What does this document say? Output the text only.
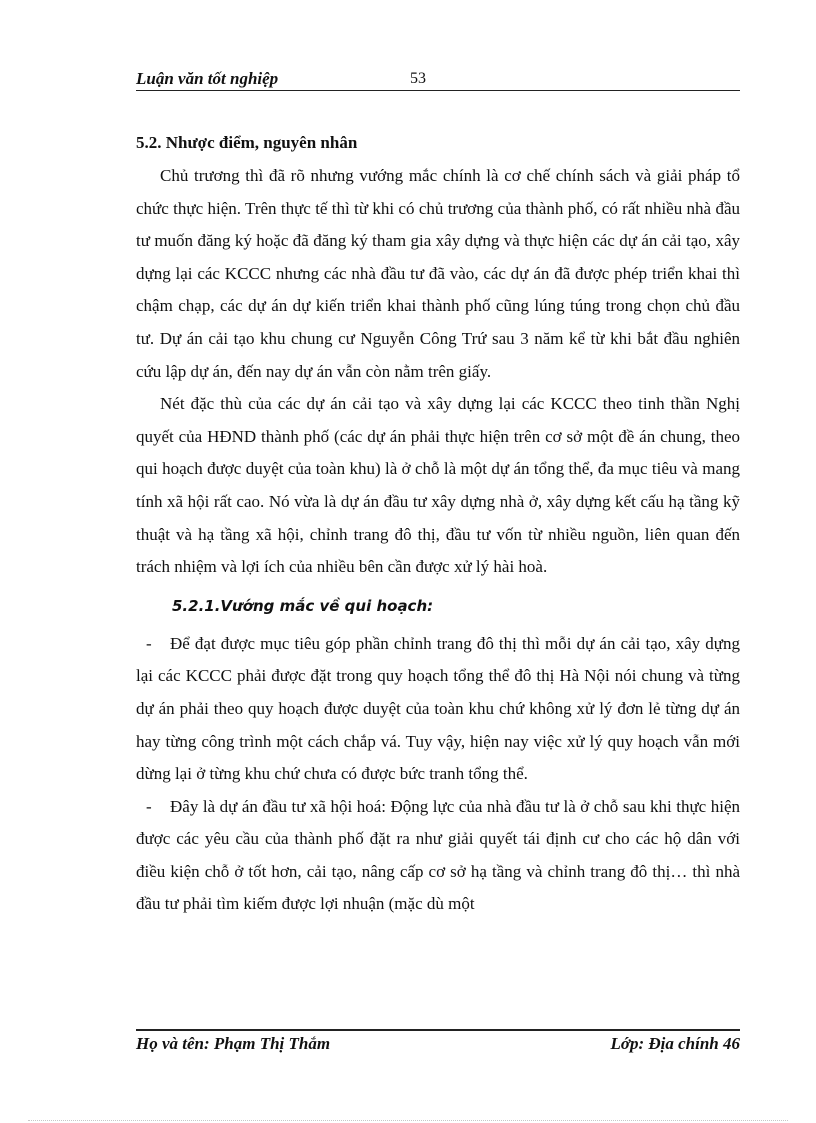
Luận văn tốt nghiệp	53
5.2. Nhược điểm, nguyên nhân

Chủ trương thì đã rõ nhưng vướng mắc chính là cơ chế chính sách và giải pháp tổ chức thực hiện. Trên thực tế thì từ khi có chủ trương của thành phố, có rất nhiều nhà đầu tư muốn đăng ký hoặc đã đăng ký tham gia xây dựng và thực hiện các dự án cải tạo, xây dựng lại các KCCC nhưng các nhà đầu tư đã vào, các dự án đã được phép triển khai thì chậm chạp, các dự án dự kiến triển khai thành phố cũng lúng túng trong chọn chủ đầu tư. Dự án cải tạo khu chung cư Nguyễn Công Trứ sau 3 năm kể từ khi bắt đầu nghiên cứu lập dự án, đến nay dự án vẫn còn nằm trên giấy.

Nét đặc thù của các dự án cải tạo và xây dựng lại các KCCC theo tinh thần Nghị quyết của HĐND thành phố (các dự án phải thực hiện trên cơ sở một đề án chung, theo qui hoạch được duyệt của toàn khu) là ở chỗ là một dự án tổng thể, đa mục tiêu và mang tính xã hội rất cao. Nó vừa là dự án đầu tư xây dựng nhà ở, xây dựng kết cấu hạ tầng kỹ thuật và hạ tầng xã hội, chỉnh trang đô thị, đầu tư vốn từ nhiều nguồn, liên quan đến trách nhiệm và lợi ích của nhiều bên cần được xử lý hài hoà.

5.2.1.Vướng mắc về qui hoạch:

- Để đạt được mục tiêu góp phần chỉnh trang đô thị thì mỗi dự án cải tạo, xây dựng lại các KCCC phải được đặt trong quy hoạch tổng thể đô thị Hà Nội nói chung và từng dự án phải theo quy hoạch được duyệt của toàn khu chứ không xử lý đơn lẻ từng dự án hay từng công trình một cách chắp vá. Tuy vậy, hiện nay việc xử lý quy hoạch vẫn mới dừng lại ở từng khu chứ chưa có được bức tranh tổng thể.

- Đây là dự án đầu tư xã hội hoá: Động lực của nhà đầu tư là ở chỗ sau khi thực hiện được các yêu cầu của thành phố đặt ra như giải quyết tái định cư cho các hộ dân với điều kiện chỗ ở tốt hơn, cải tạo, nâng cấp cơ sở hạ tầng và chỉnh trang đô thị… thì nhà đầu tư phải tìm kiếm được lợi nhuận (mặc dù một

Họ và tên: Phạm Thị Thắm	Lớp: Địa chính 46
